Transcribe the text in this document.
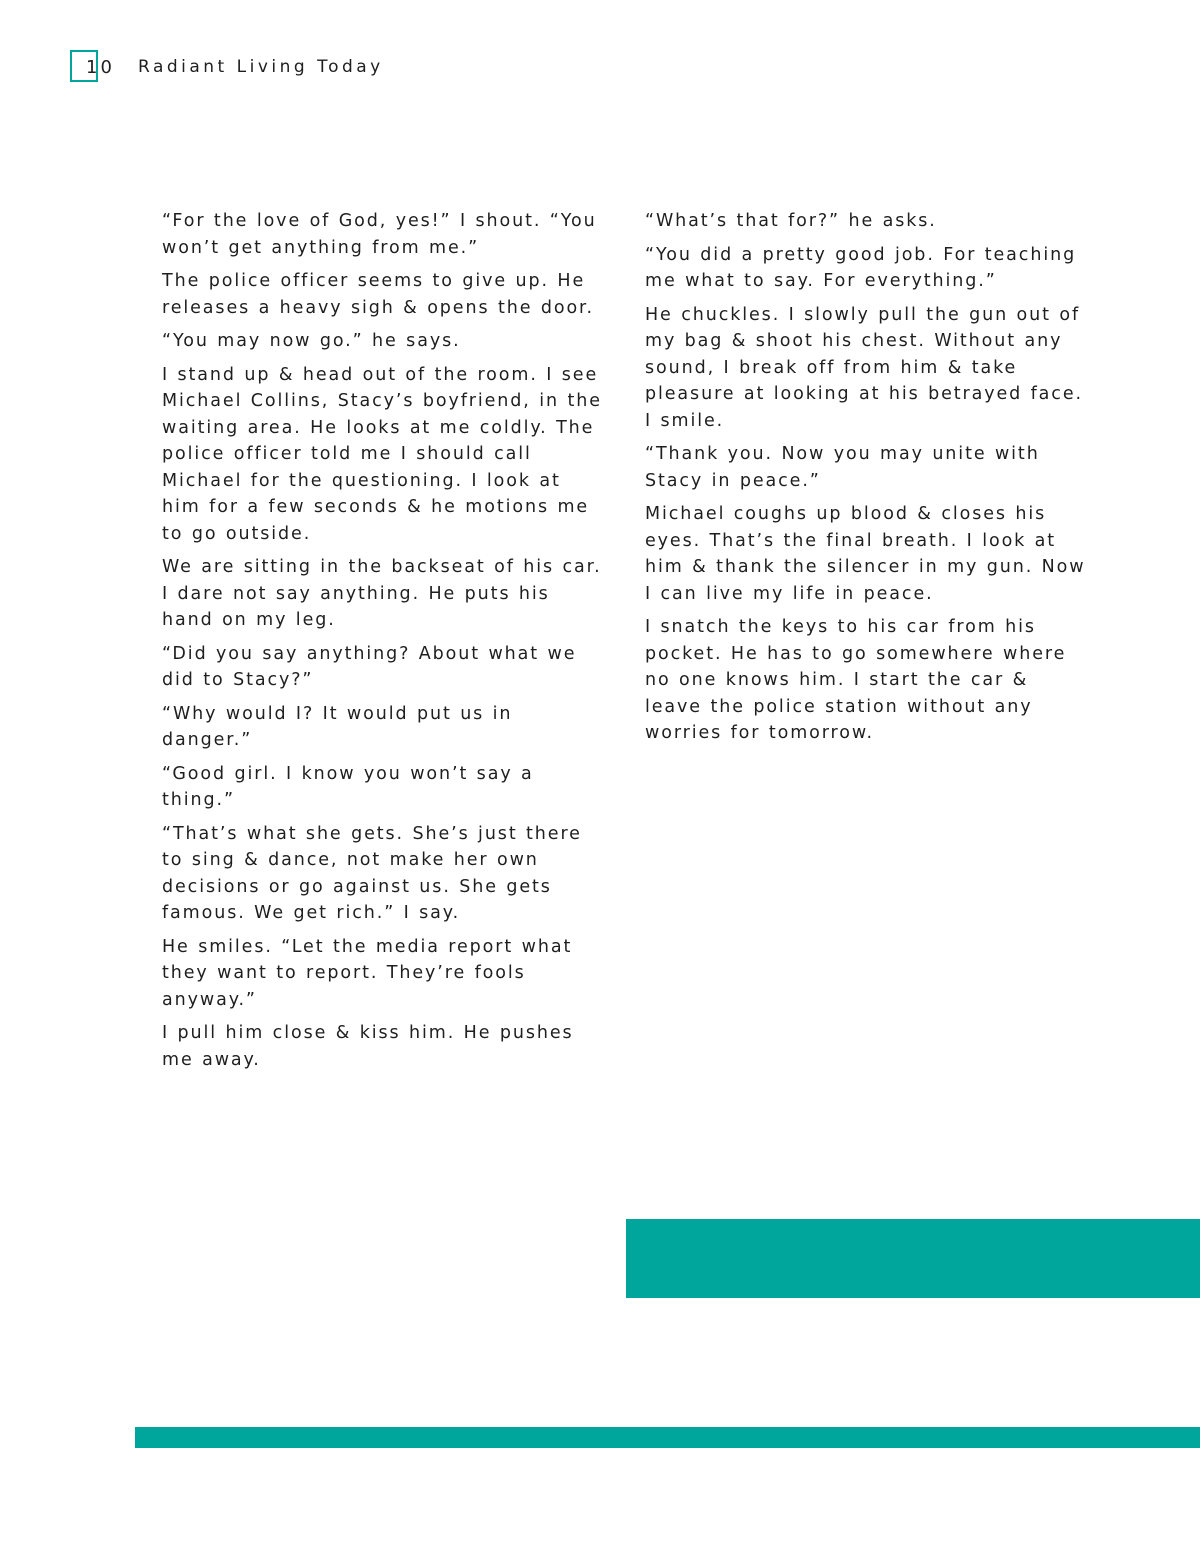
10 Radiant Living Today

“For the love of God, yes!” I shout. “You won’t get anything from me.”

The police officer seems to give up. He releases a heavy sigh & opens the door.

“You may now go.” he says.

I stand up & head out of the room. I see Michael Collins, Stacy’s boyfriend, in the waiting area. He looks at me coldly. The police officer told me I should call Michael for the questioning. I look at him for a few seconds & he motions me to go outside.

We are sitting in the backseat of his car. I dare not say anything. He puts his hand on my leg.

“Did you say anything? About what we did to Stacy?”

“Why would I? It would put us in danger.”

“Good girl. I know you won’t say a thing.”

“That’s what she gets. She’s just there to sing & dance, not make her own decisions or go against us. She gets famous. We get rich.” I say.

He smiles. “Let the media report what they want to report. They’re fools anyway.”

I pull him close & kiss him. He pushes me away.

“What’s that for?” he asks.

“You did a pretty good job. For teaching me what to say. For everything.”

He chuckles. I slowly pull the gun out of my bag & shoot his chest. Without any sound, I break off from him & take pleasure at looking at his betrayed face. I smile.

“Thank you. Now you may unite with Stacy in peace.”

Michael coughs up blood & closes his eyes. That’s the final breath. I look at him & thank the silencer in my gun. Now I can live my life in peace.

I snatch the keys to his car from his pocket. He has to go somewhere where no one knows him. I start the car & leave the police station without any worries for tomorrow.
